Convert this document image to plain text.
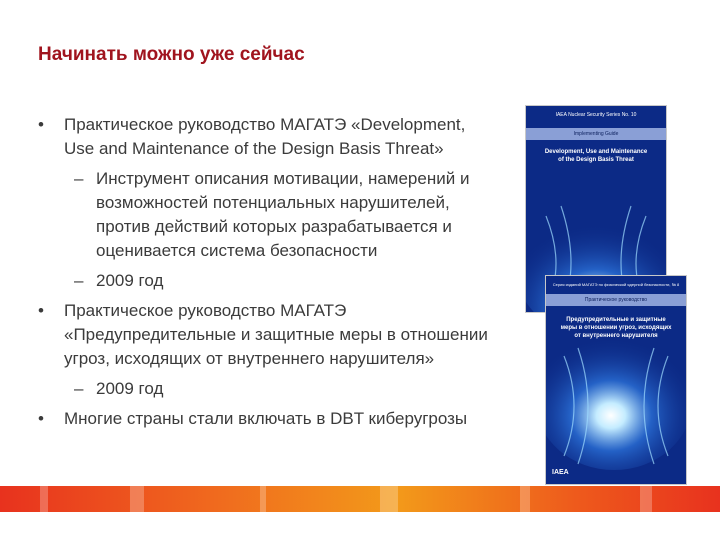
Начинать можно уже сейчас
•	Практическое руководство МАГАТЭ «Development, Use and Maintenance of the Design Basis Threat»
– Инструмент описания мотивации, намерений и возможностей потенциальных нарушителей, против действий которых разрабатывается и оценивается система безопасности
– 2009 год
•	Практическое руководство МАГАТЭ «Предупредительные и защитные меры в отношении угроз, исходящих от внутреннего нарушителя»
– 2009 год
•	Многие страны стали включать в DBT киберугрозы
IAEA Nuclear Security Series No. 10
Implementing Guide
Development, Use and Maintenance
of the Design Basis Threat
Серия изданий МАГАТЭ по физической ядерной безопасности, № 8
Практическое руководство
Предупредительные и защитные
меры в отношении угроз, исходящих
от внутреннего нарушителя
IAEA
